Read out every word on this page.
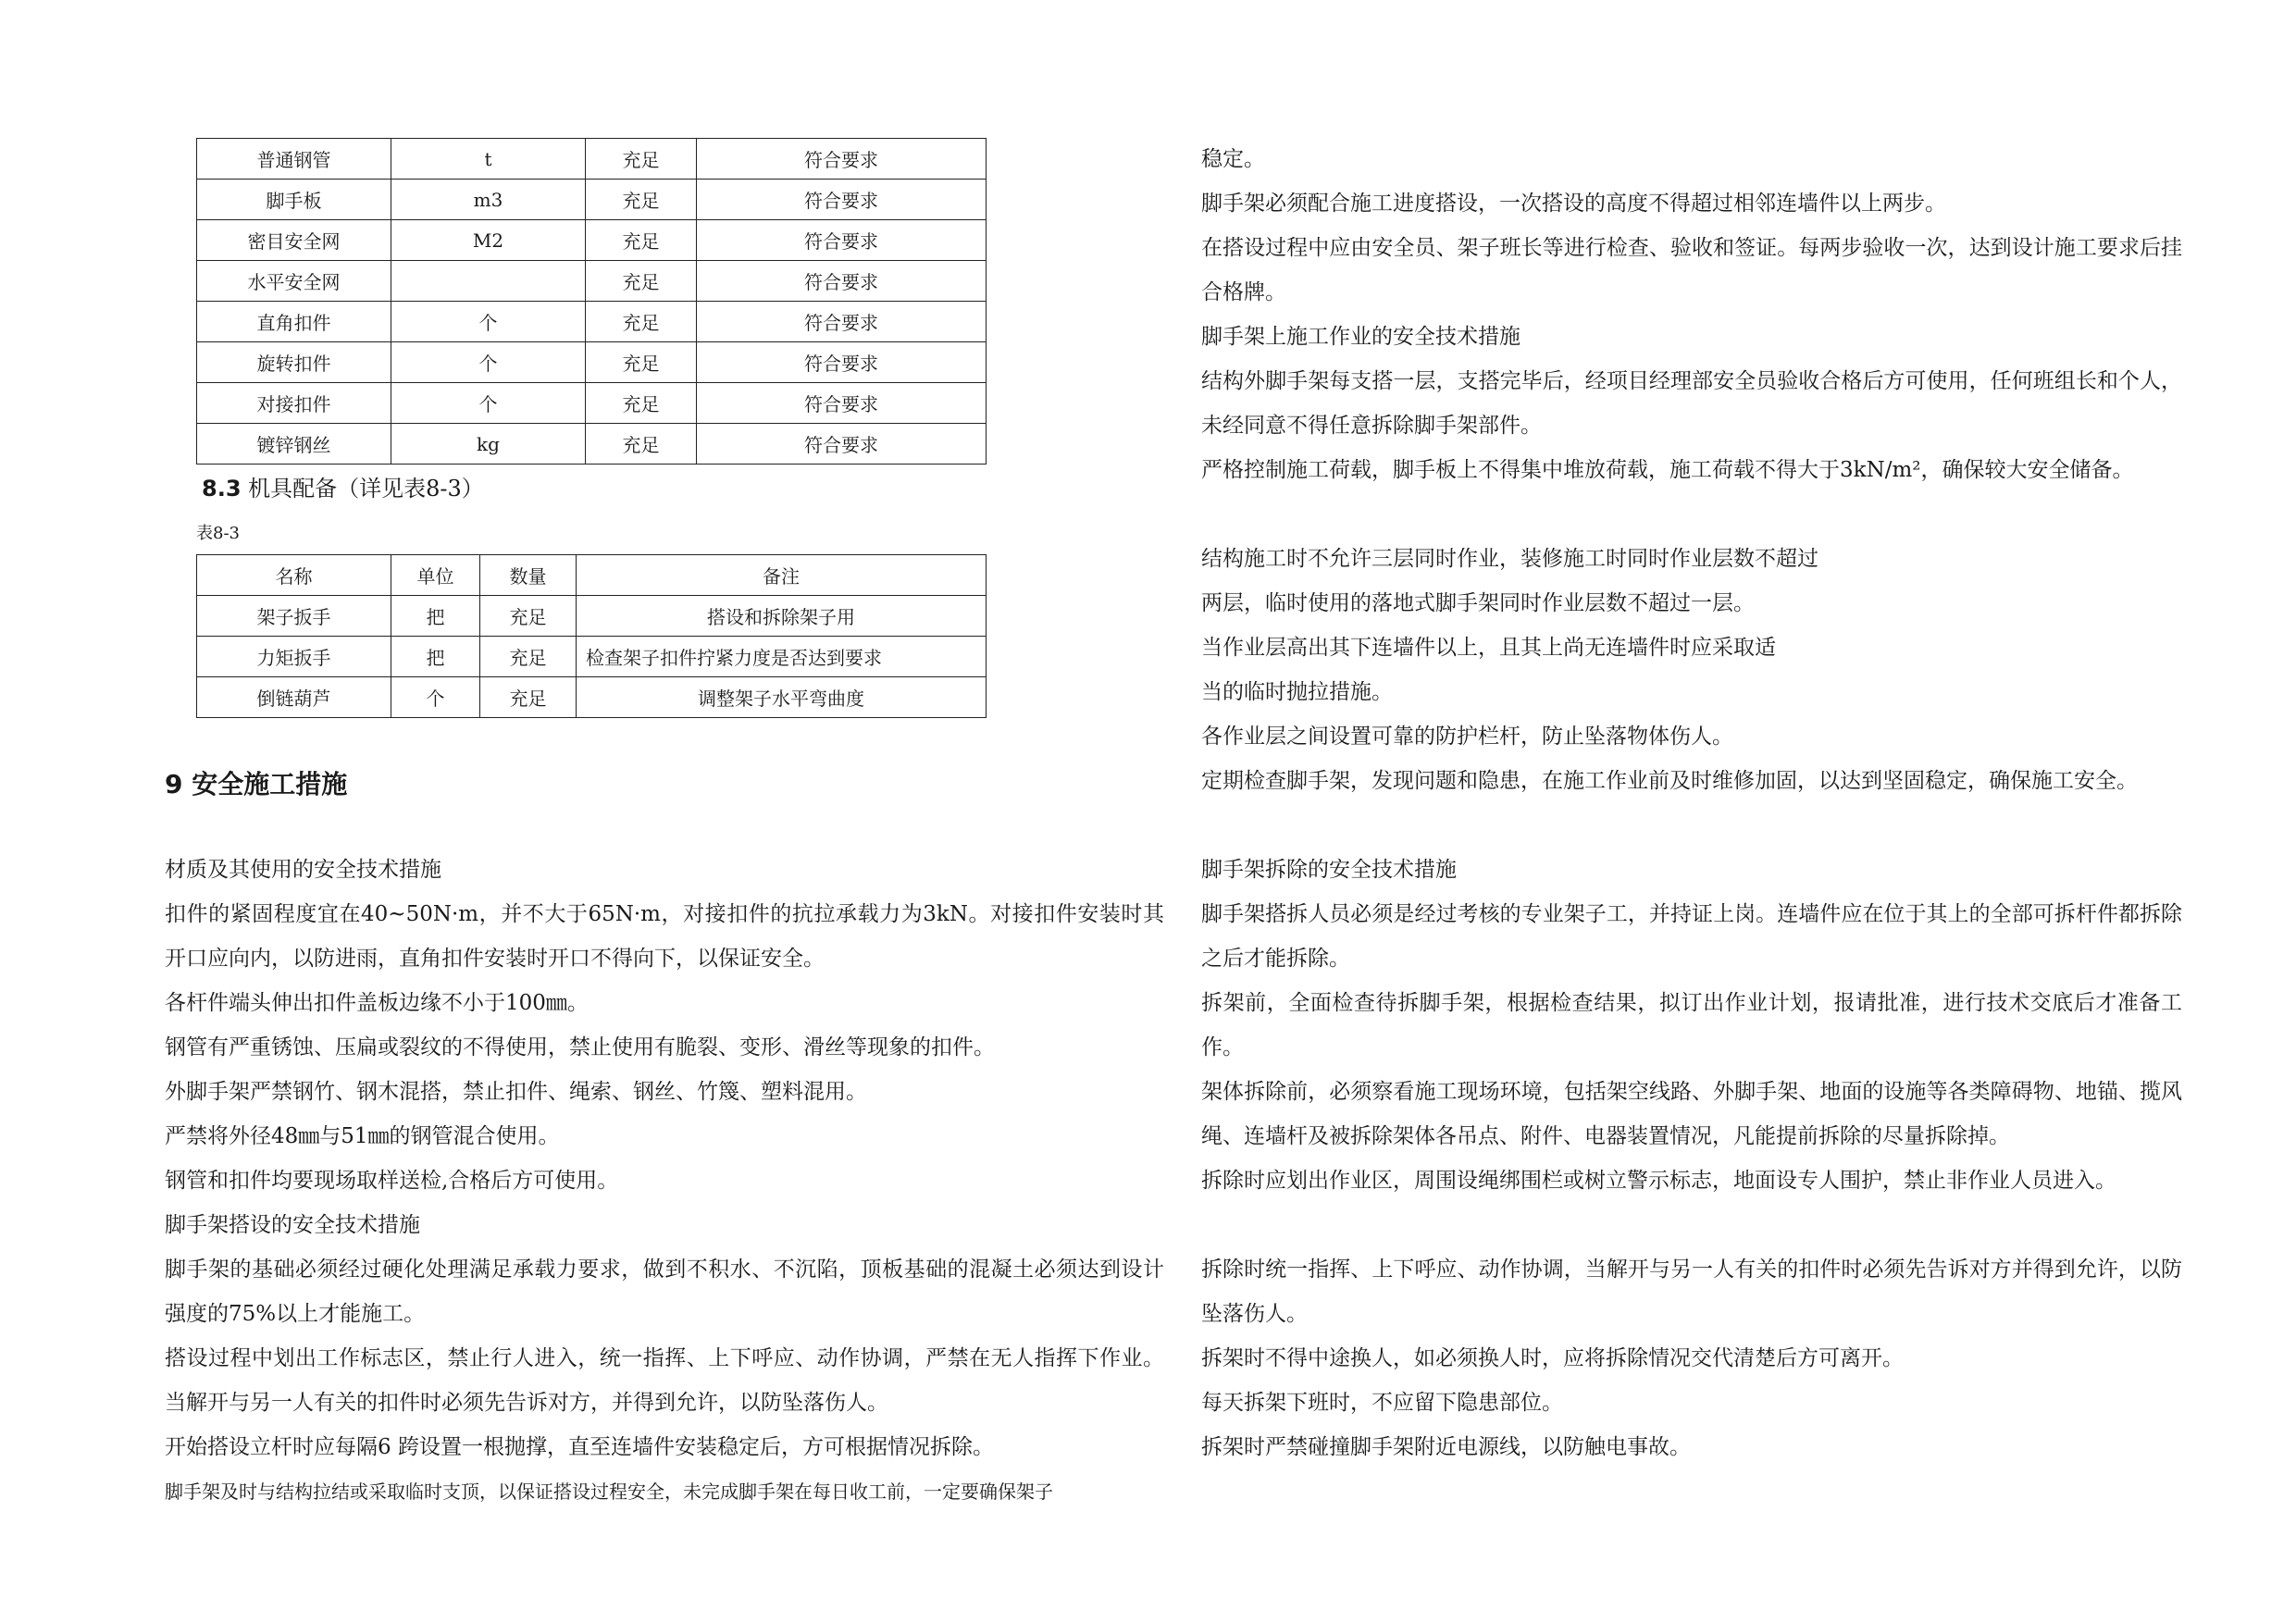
普通钢管	t	充足	符合要求
脚手板	m3	充足	符合要求
密目安全网	M2	充足	符合要求
水平安全网		充足	符合要求
直角扣件	个	充足	符合要求
旋转扣件	个	充足	符合要求
对接扣件	个	充足	符合要求
镀锌钢丝	kg	充足	符合要求
8.3 机具配备（详见表8-3）
表8-3
名称	单位	数量	备注
架子扳手	把	充足	搭设和拆除架子用
力矩扳手	把	充足	检查架子扣件拧紧力度是否达到要求
倒链葫芦	个	充足	调整架子水平弯曲度
9 安全施工措施
材质及其使用的安全技术措施
扣件的紧固程度宜在40~50N·m，并不大于65N·m，对接扣件的抗拉承载力为3kN。对接扣件安装时其开口应向内，以防进雨，直角扣件安装时开口不得向下，以保证安全。
各杆件端头伸出扣件盖板边缘不小于100㎜。
钢管有严重锈蚀、压扁或裂纹的不得使用，禁止使用有脆裂、变形、滑丝等现象的扣件。
外脚手架严禁钢竹、钢木混搭，禁止扣件、绳索、钢丝、竹篾、塑料混用。
严禁将外径48㎜与51㎜的钢管混合使用。
钢管和扣件均要现场取样送检,合格后方可使用。
脚手架搭设的安全技术措施
脚手架的基础必须经过硬化处理满足承载力要求，做到不积水、不沉陷，顶板基础的混凝土必须达到设计强度的75%以上才能施工。
搭设过程中划出工作标志区，禁止行人进入，统一指挥、上下呼应、动作协调，严禁在无人指挥下作业。当解开与另一人有关的扣件时必须先告诉对方，并得到允许，以防坠落伤人。
开始搭设立杆时应每隔6 跨设置一根抛撑，直至连墙件安装稳定后，方可根据情况拆除。
脚手架及时与结构拉结或采取临时支顶，以保证搭设过程安全，未完成脚手架在每日收工前，一定要确保架子
稳定。
脚手架必须配合施工进度搭设，一次搭设的高度不得超过相邻连墙件以上两步。
在搭设过程中应由安全员、架子班长等进行检查、验收和签证。每两步验收一次，达到设计施工要求后挂合格牌。
脚手架上施工作业的安全技术措施
结构外脚手架每支搭一层，支搭完毕后，经项目经理部安全员验收合格后方可使用，任何班组长和个人，未经同意不得任意拆除脚手架部件。
严格控制施工荷载，脚手板上不得集中堆放荷载，施工荷载不得大于3kN/m²，确保较大安全储备。
结构施工时不允许三层同时作业，装修施工时同时作业层数不超过
两层，临时使用的落地式脚手架同时作业层数不超过一层。
当作业层高出其下连墙件以上，且其上尚无连墙件时应采取适
当的临时抛拉措施。
各作业层之间设置可靠的防护栏杆，防止坠落物体伤人。
定期检查脚手架，发现问题和隐患，在施工作业前及时维修加固，以达到坚固稳定，确保施工安全。
脚手架拆除的安全技术措施
脚手架搭拆人员必须是经过考核的专业架子工，并持证上岗。连墙件应在位于其上的全部可拆杆件都拆除之后才能拆除。
拆架前，全面检查待拆脚手架，根据检查结果，拟订出作业计划，报请批准，进行技术交底后才准备工作。
架体拆除前，必须察看施工现场环境，包括架空线路、外脚手架、地面的设施等各类障碍物、地锚、揽风绳、连墙杆及被拆除架体各吊点、附件、电器装置情况，凡能提前拆除的尽量拆除掉。
拆除时应划出作业区，周围设绳绑围栏或树立警示标志，地面设专人围护，禁止非作业人员进入。
拆除时统一指挥、上下呼应、动作协调，当解开与另一人有关的扣件时必须先告诉对方并得到允许，以防坠落伤人。
拆架时不得中途换人，如必须换人时，应将拆除情况交代清楚后方可离开。
每天拆架下班时，不应留下隐患部位。
拆架时严禁碰撞脚手架附近电源线，以防触电事故。
